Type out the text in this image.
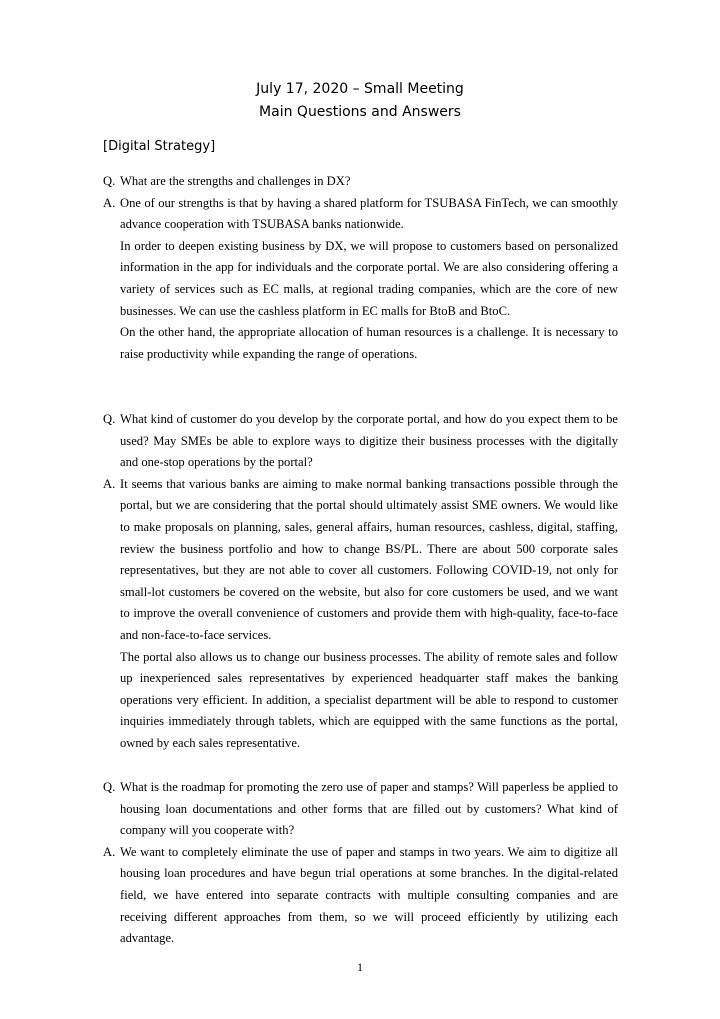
July 17, 2020 – Small Meeting
Main Questions and Answers
[Digital Strategy]
Q. What are the strengths and challenges in DX?
A. One of our strengths is that by having a shared platform for TSUBASA FinTech, we can smoothly advance cooperation with TSUBASA banks nationwide.

In order to deepen existing business by DX, we will propose to customers based on personalized information in the app for individuals and the corporate portal. We are also considering offering a variety of services such as EC malls, at regional trading companies, which are the core of new businesses. We can use the cashless platform in EC malls for BtoB and BtoC.

On the other hand, the appropriate allocation of human resources is a challenge. It is necessary to raise productivity while expanding the range of operations.

Q. What kind of customer do you develop by the corporate portal, and how do you expect them to be used? May SMEs be able to explore ways to digitize their business processes with the digitally and one-stop operations by the portal?
A. It seems that various banks are aiming to make normal banking transactions possible through the portal, but we are considering that the portal should ultimately assist SME owners. We would like to make proposals on planning, sales, general affairs, human resources, cashless, digital, staffing, review the business portfolio and how to change BS/PL. There are about 500 corporate sales representatives, but they are not able to cover all customers. Following COVID-19, not only for small-lot customers be covered on the website, but also for core customers be used, and we want to improve the overall convenience of customers and provide them with high-quality, face-to-face and non-face-to-face services.

The portal also allows us to change our business processes. The ability of remote sales and follow up inexperienced sales representatives by experienced headquarter staff makes the banking operations very efficient. In addition, a specialist department will be able to respond to customer inquiries immediately through tablets, which are equipped with the same functions as the portal, owned by each sales representative.

Q. What is the roadmap for promoting the zero use of paper and stamps? Will paperless be applied to housing loan documentations and other forms that are filled out by customers? What kind of company will you cooperate with?
A. We want to completely eliminate the use of paper and stamps in two years. We aim to digitize all housing loan procedures and have begun trial operations at some branches. In the digital-related field, we have entered into separate contracts with multiple consulting companies and are receiving different approaches from them, so we will proceed efficiently by utilizing each advantage.

1
